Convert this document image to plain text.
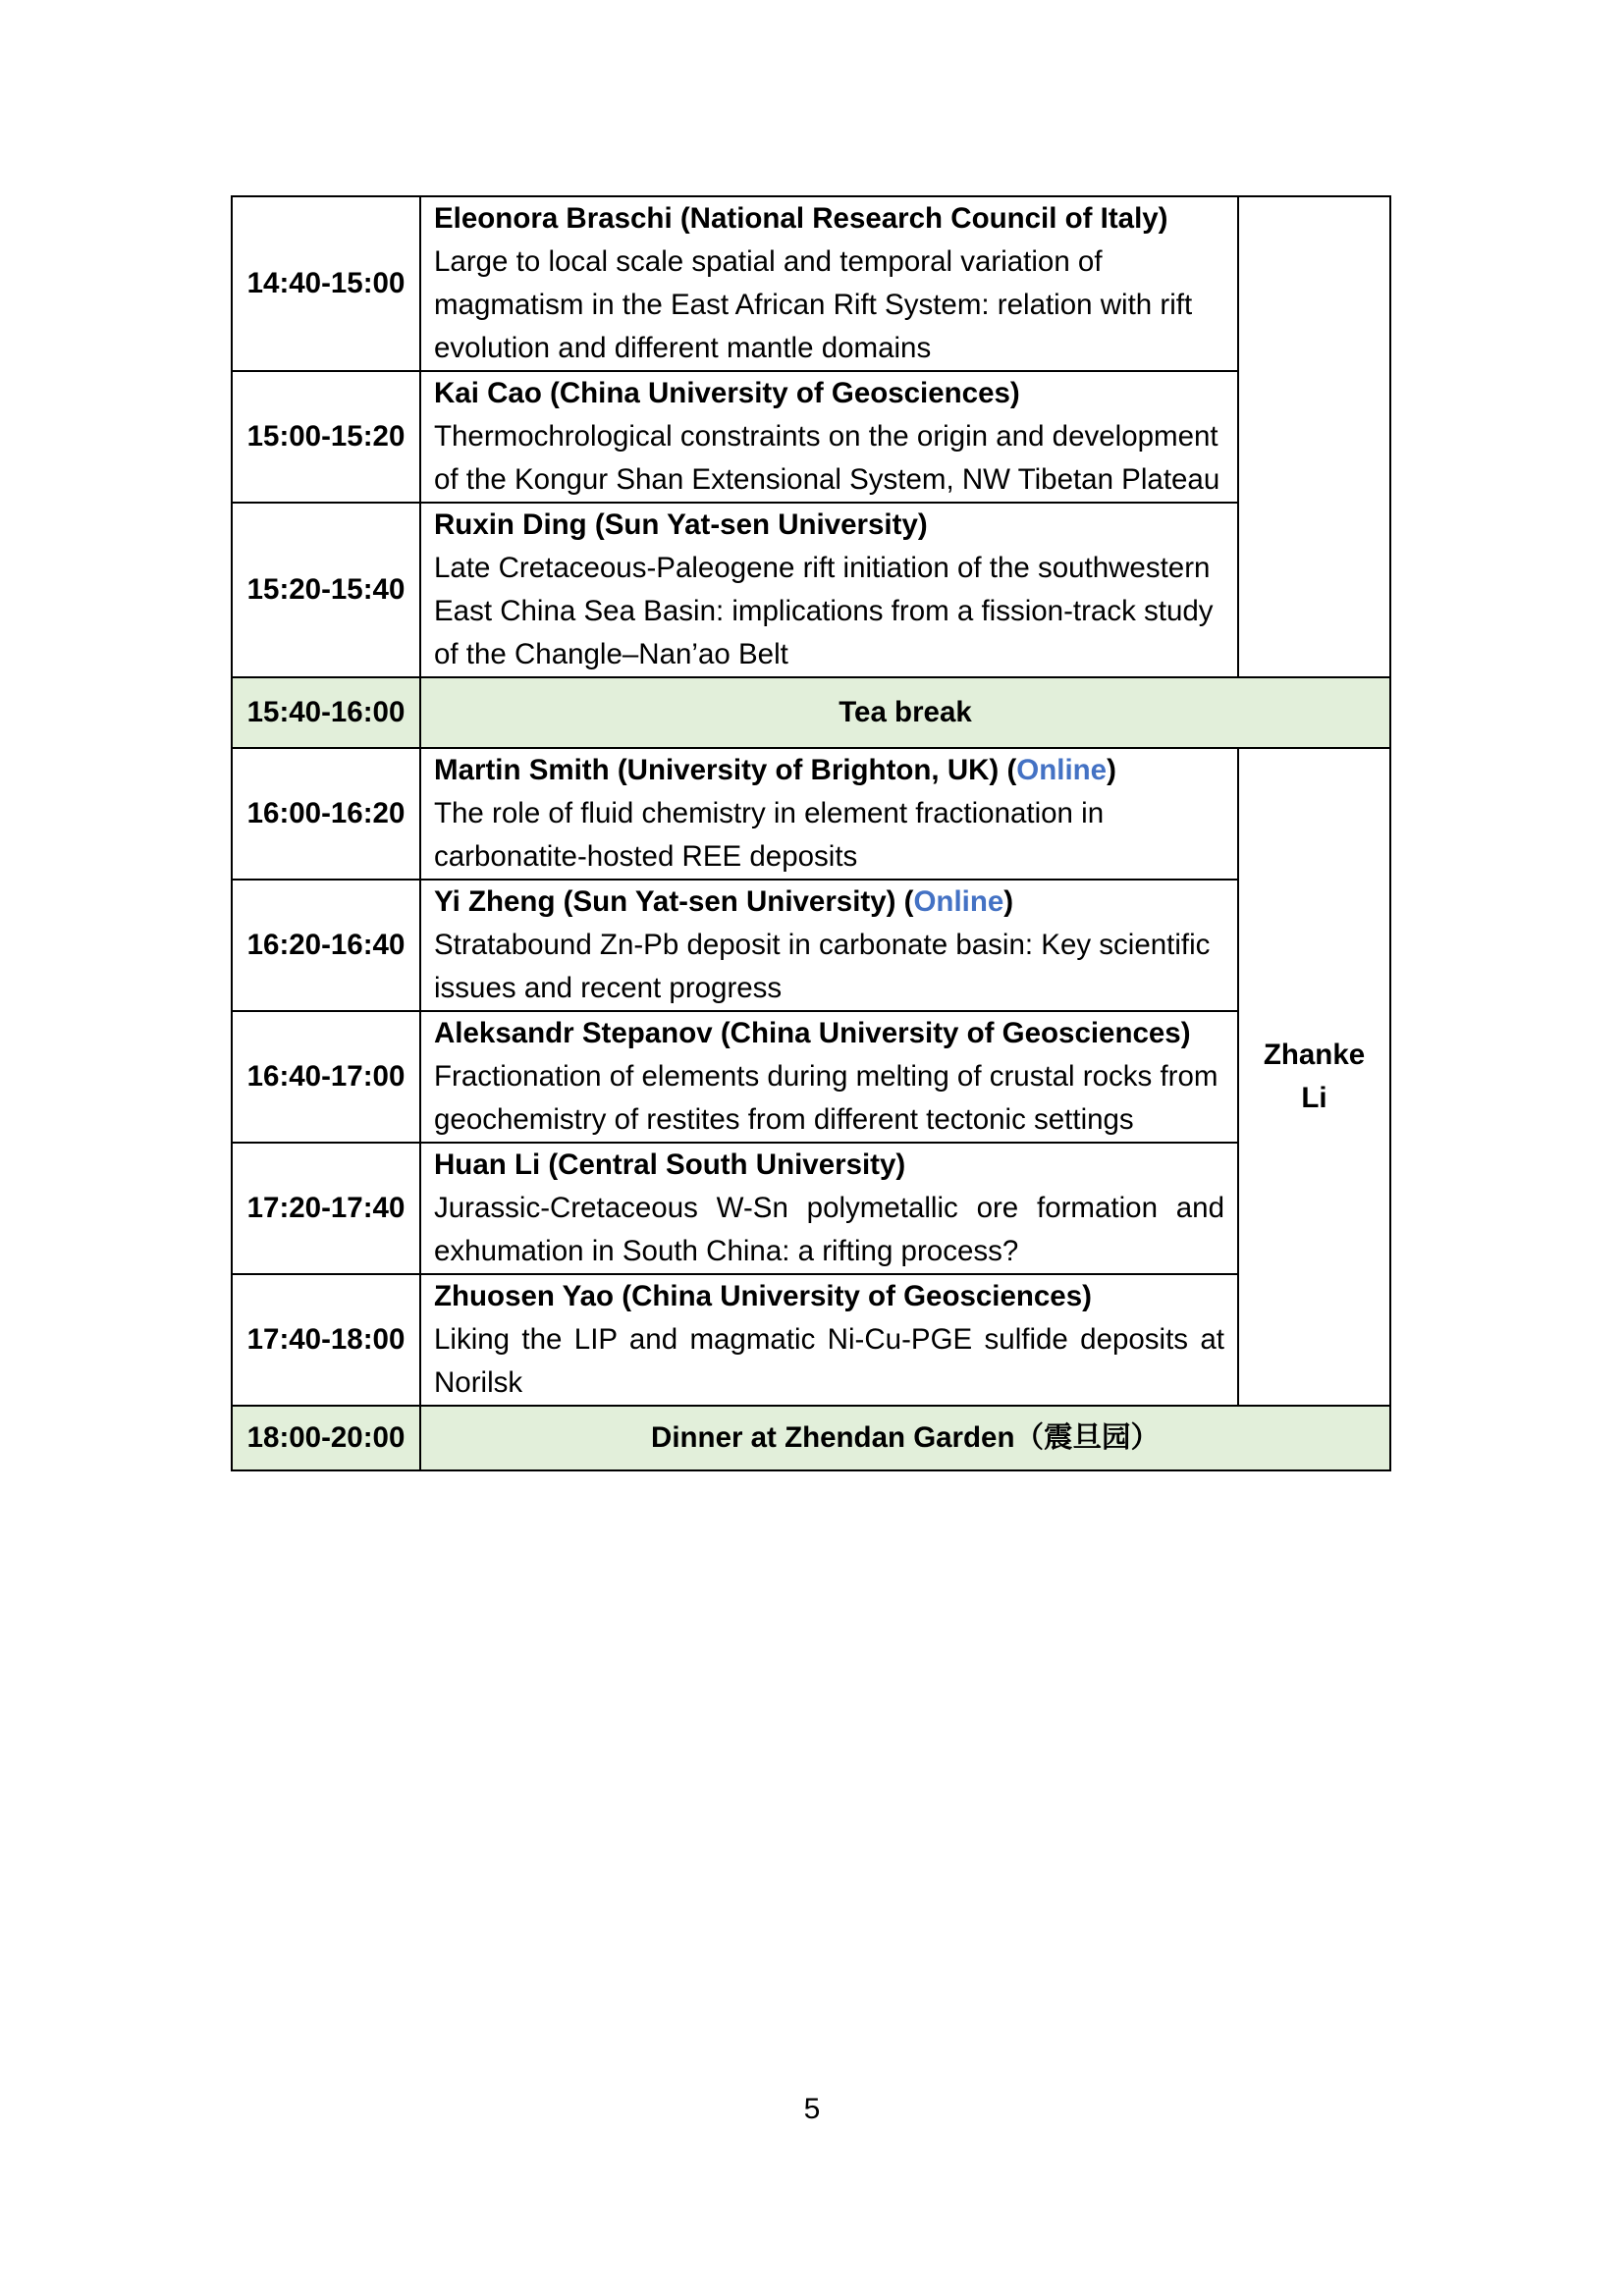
14:40-15:00	Eleonora Braschi (National Research Council of Italy)
Large to local scale spatial and temporal variation of magmatism in the East African Rift System: relation with rift evolution and different mantle domains	

15:00-15:20	Kai Cao (China University of Geosciences)
Thermochrological constraints on the origin and development of the Kongur Shan Extensional System, NW Tibetan Plateau	

15:20-15:40	Ruxin Ding (Sun Yat-sen University)
Late Cretaceous-Paleogene rift initiation of the southwestern East China Sea Basin: implications from a fission-track study of the Changle–Nan’ao Belt	

15:40-16:00	Tea break	
16:00-16:20	Martin Smith (University of Brighton, UK) (Online)
The role of fluid chemistry in element fractionation in carbonatite-hosted REE deposits	Zhanke Li
16:20-16:40	Yi Zheng (Sun Yat-sen University) (Online)
Stratabound Zn-Pb deposit in carbonate basin: Key scientific issues and recent progress	

16:40-17:00	Aleksandr Stepanov (China University of Geosciences)
Fractionation of elements during melting of crustal rocks from geochemistry of restites from different tectonic settings	

17:20-17:40	Huan Li (Central South University)
Jurassic-Cretaceous W-Sn polymetallic ore formation and exhumation in South China: a rifting process?	

17:40-18:00	Zhuosen Yao (China University of Geosciences)
Liking the LIP and magmatic Ni-Cu-PGE sulfide deposits at Norilsk	

18:00-20:00	Dinner at Zhendan Garden（震旦园）	
5
